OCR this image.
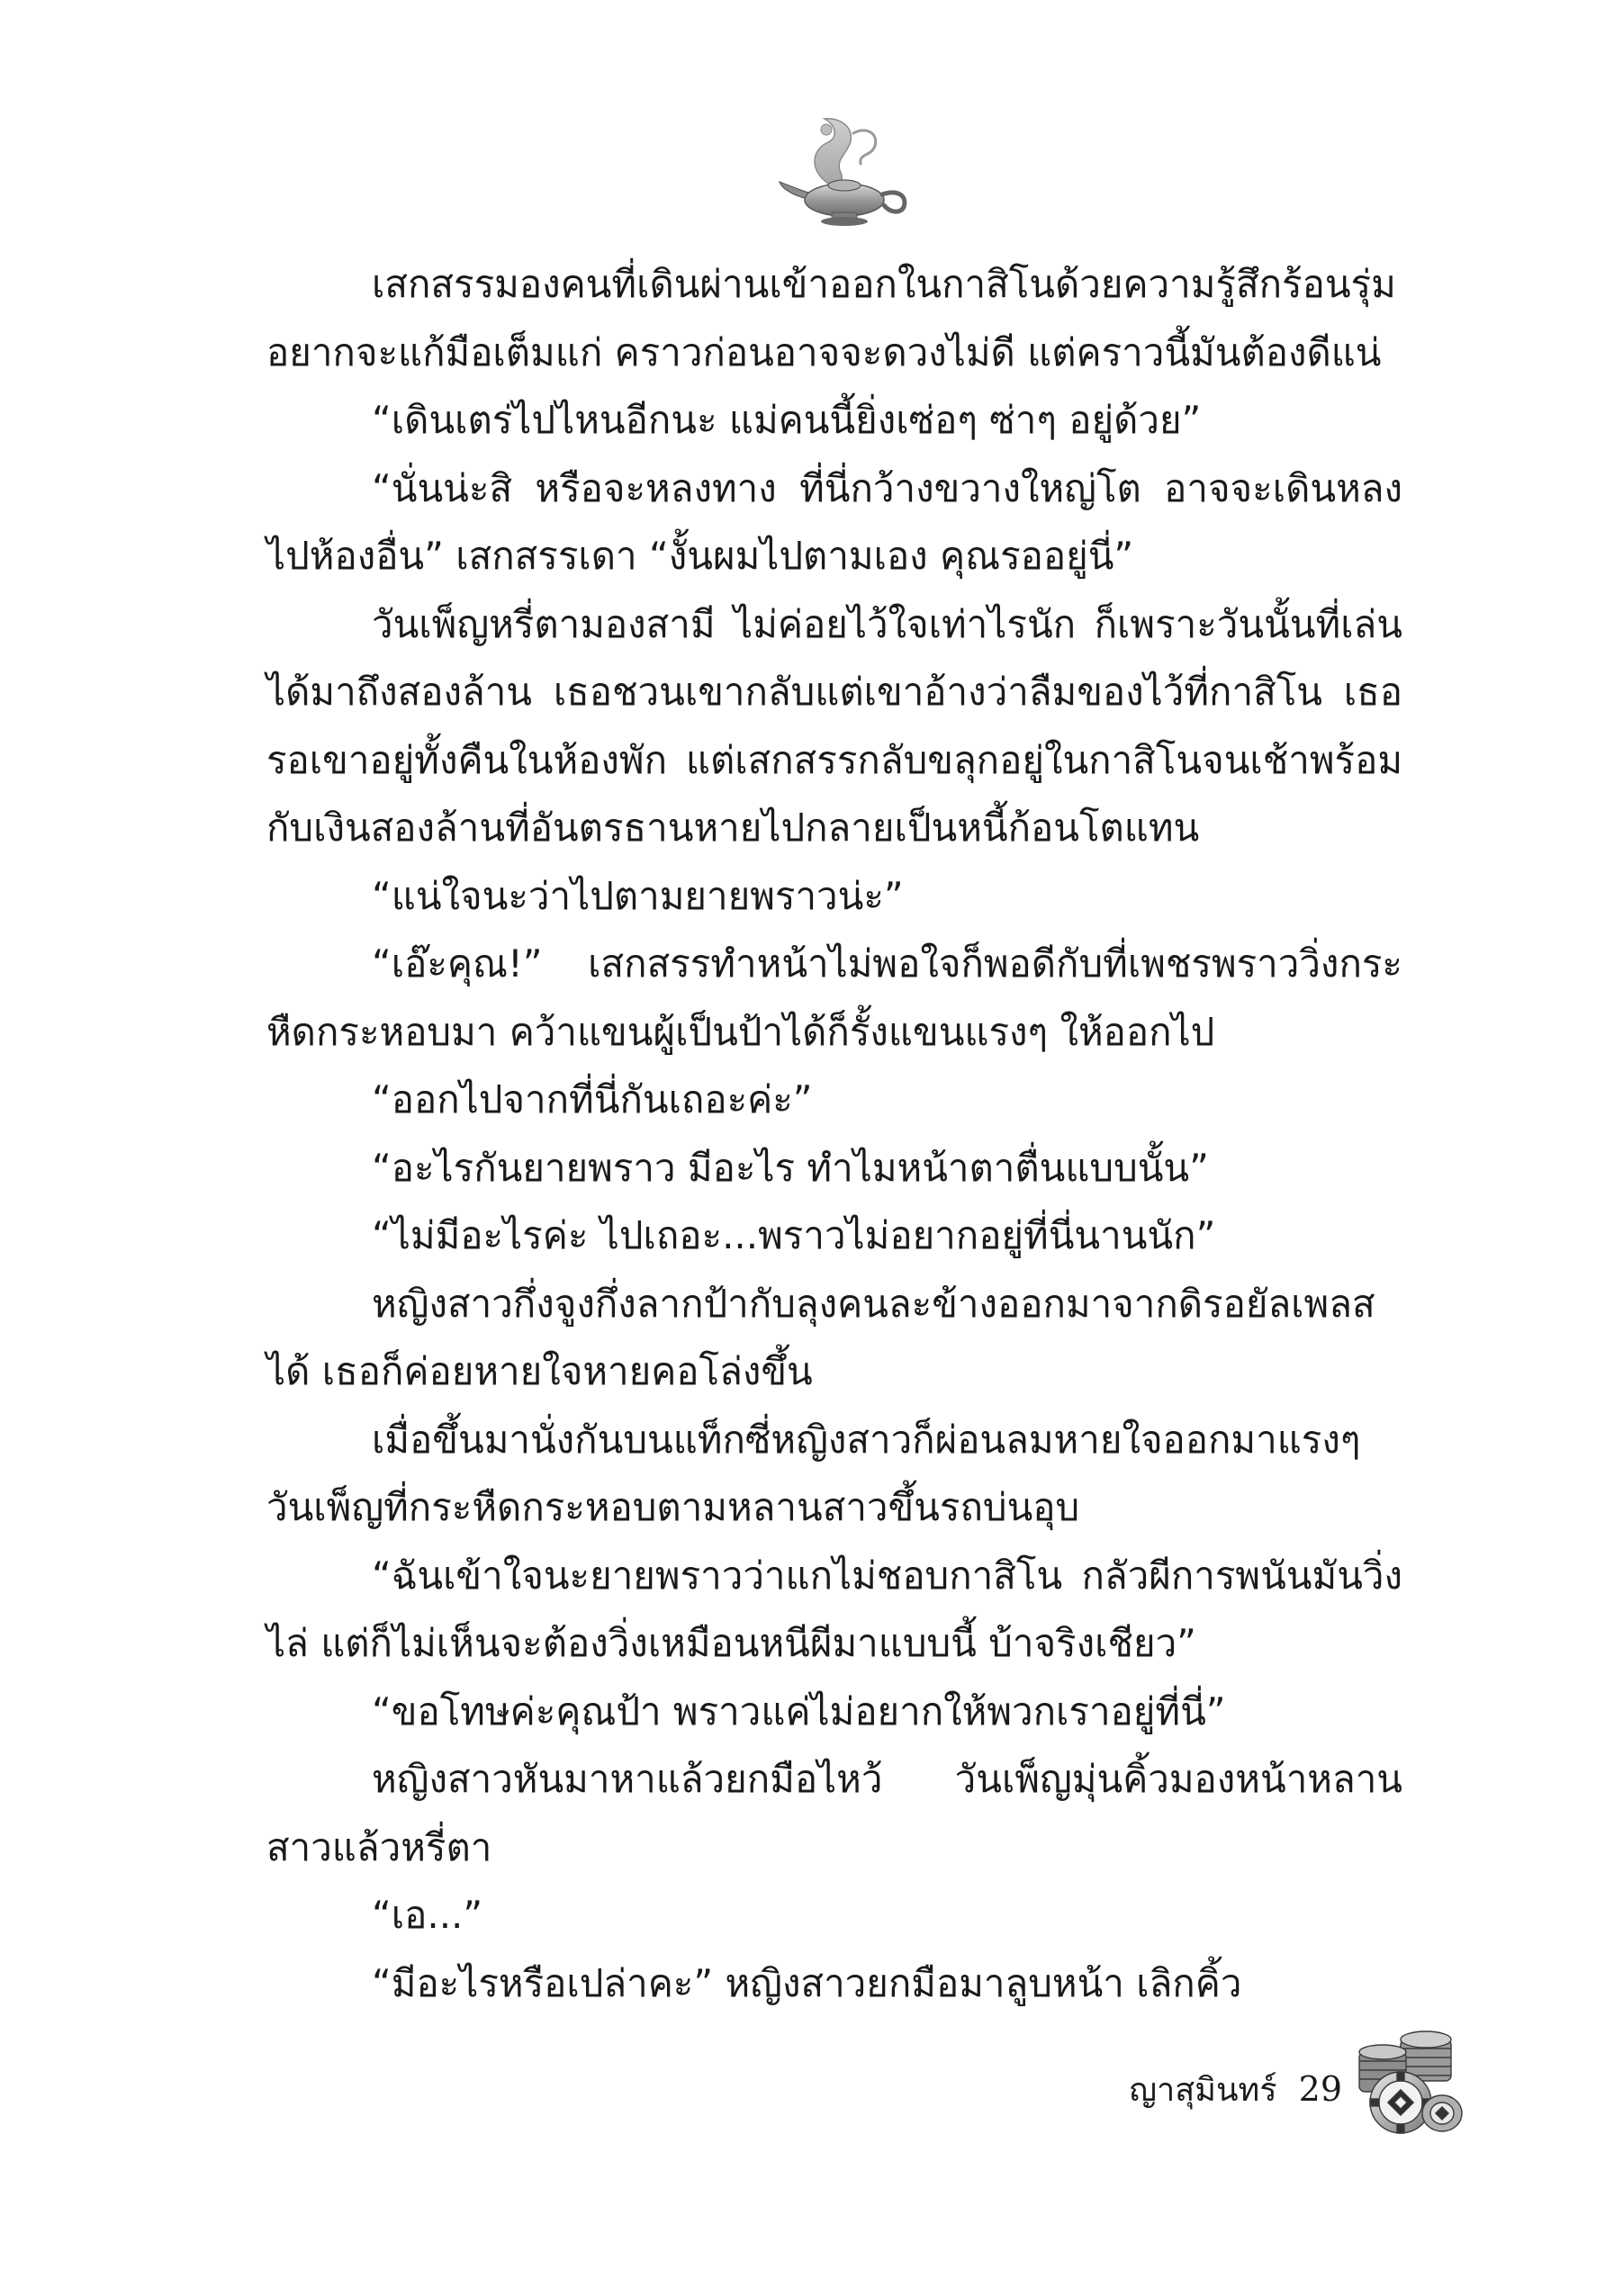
เสกสรรมองคนที่เดินผ่านเข้าออกในกาสิโนด้วยความรู้สึกร้อนรุ่ม อยากจะแก้มือเต็มแก่ คราวก่อนอาจจะดวงไม่ดี แต่คราวนี้มันต้องดีแน่

“เดินเตร่ไปไหนอีกนะ แม่คนนี้ยิ่งเซ่อๆ ซ่าๆ อยู่ด้วย”

“นั่นน่ะสิ หรือจะหลงทาง ที่นี่กว้างขวางใหญ่โต อาจจะเดินหลงไปห้องอื่น” เสกสรรเดา “งั้นผมไปตามเอง คุณรออยู่นี่”

วันเพ็ญหรี่ตามองสามี ไม่ค่อยไว้ใจเท่าไรนัก ก็เพราะวันนั้นที่เล่นได้มาถึงสองล้าน เธอชวนเขากลับแต่เขาอ้างว่าลืมของไว้ที่กาสิโน เธอรอเขาอยู่ทั้งคืนในห้องพัก แต่เสกสรรกลับขลุกอยู่ในกาสิโนจนเช้าพร้อมกับเงินสองล้านที่อันตรธานหายไปกลายเป็นหนี้ก้อนโตแทน

“แน่ใจนะว่าไปตามยายพราวน่ะ”

“เอ๊ะคุณ!” เสกสรรทำหน้าไม่พอใจก็พอดีกับที่เพชรพราววิ่งกระหืดกระหอบมา คว้าแขนผู้เป็นป้าได้ก็รั้งแขนแรงๆ ให้ออกไป

“ออกไปจากที่นี่กันเถอะค่ะ”

“อะไรกันยายพราว มีอะไร ทำไมหน้าตาตื่นแบบนั้น”

“ไม่มีอะไรค่ะ ไปเถอะ...พราวไม่อยากอยู่ที่นี่นานนัก”

หญิงสาวกึ่งจูงกึ่งลากป้ากับลุงคนละข้างออกมาจากดิรอยัลเพลสได้ เธอก็ค่อยหายใจหายคอโล่งขึ้น

เมื่อขึ้นมานั่งกันบนแท็กซี่หญิงสาวก็ผ่อนลมหายใจออกมาแรงๆ วันเพ็ญที่กระหืดกระหอบตามหลานสาวขึ้นรถบ่นอุบ

“ฉันเข้าใจนะยายพราวว่าแกไม่ชอบกาสิโน กลัวผีการพนันมันวิ่งไล่ แต่ก็ไม่เห็นจะต้องวิ่งเหมือนหนีผีมาแบบนี้ บ้าจริงเชียว”

“ขอโทษค่ะคุณป้า พราวแค่ไม่อยากให้พวกเราอยู่ที่นี่”

หญิงสาวหันมาหาแล้วยกมือไหว้ วันเพ็ญมุ่นคิ้วมองหน้าหลานสาวแล้วหรี่ตา

“เอ...”

“มีอะไรหรือเปล่าคะ” หญิงสาวยกมือมาลูบหน้า เลิกคิ้ว

ญาสุมินทร์ 29
